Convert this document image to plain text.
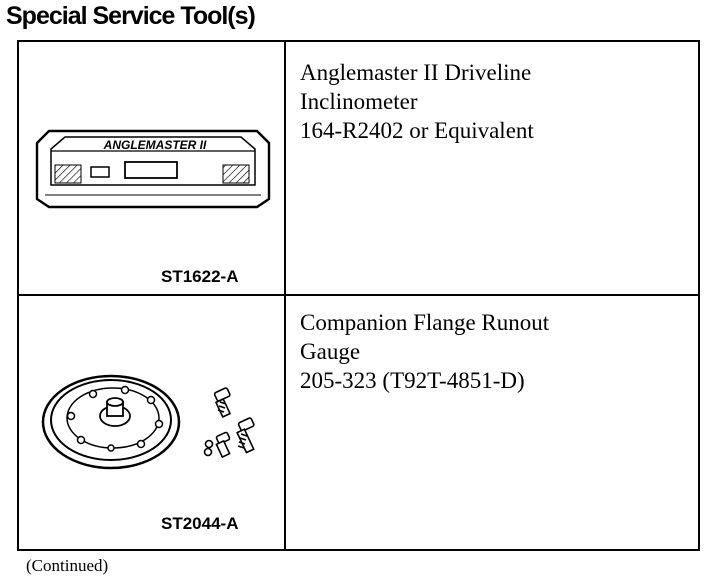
Special Service Tool(s)
ANGLEMASTER II
ST1622-A
Anglemaster II Driveline
Inclinometer
164-R2402 or Equivalent
ST2044-A
Companion Flange Runout
Gauge
205-323 (T92T-4851-D)
(Continued)
